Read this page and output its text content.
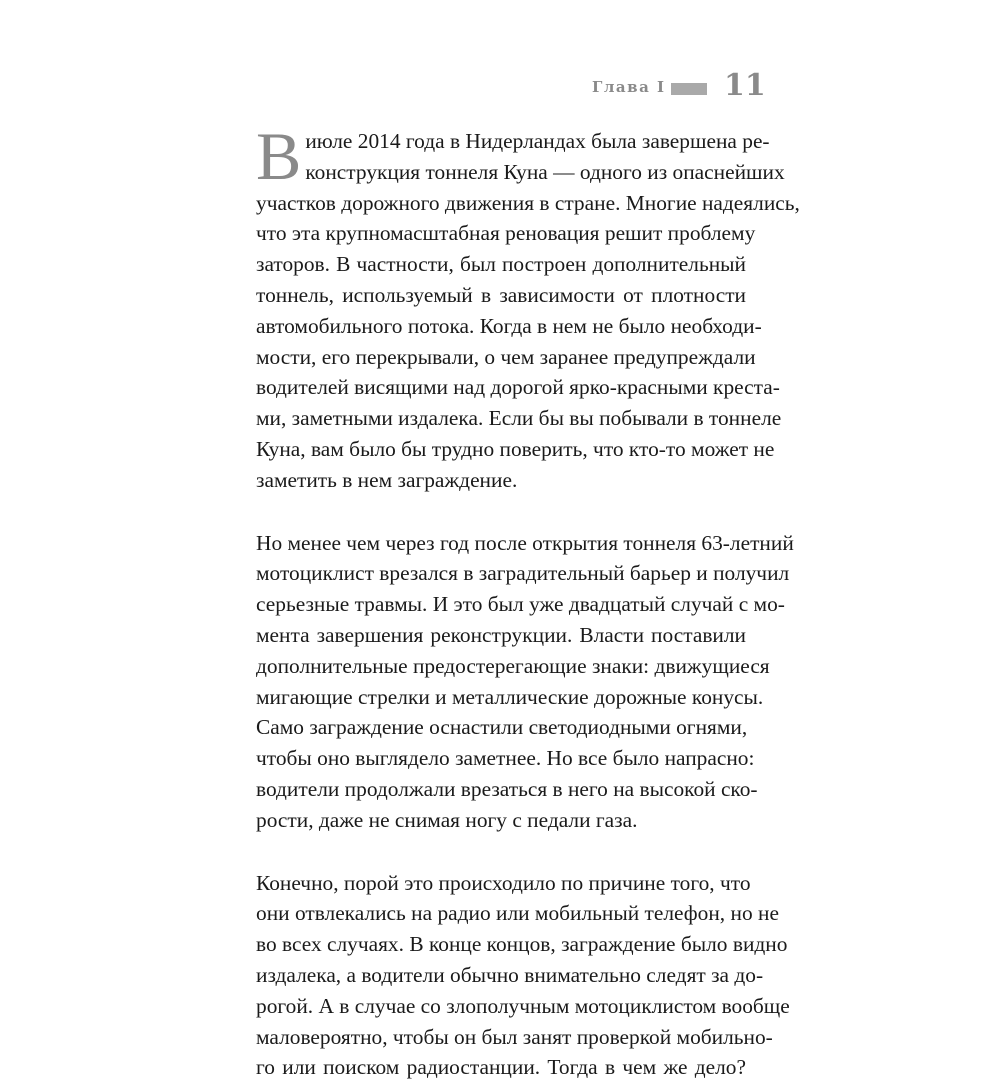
Глава I 11
В июле 2014 года в Нидерландах была завершена ре-
конструкция тоннеля Куна — одного из опаснейших
участков дорожного движения в стране. Многие надеялись,
что эта крупномасштабная реновация решит проблему
заторов. В частности, был построен дополнительный
тоннель, используемый в зависимости от плотности
автомобильного потока. Когда в нем не было необходи-
мости, его перекрывали, о чем заранее предупреждали
водителей висящими над дорогой ярко-красными креста-
ми, заметными издалека. Если бы вы побывали в тоннеле
Куна, вам было бы трудно поверить, что кто-то может не
заметить в нем заграждение.
Но менее чем через год после открытия тоннеля 63-летний
мотоциклист врезался в заградительный барьер и получил
серьезные травмы. И это был уже двадцатый случай с мо-
мента завершения реконструкции. Власти поставили
дополнительные предостерегающие знаки: движущиеся
мигающие стрелки и металлические дорожные конусы.
Само заграждение оснастили светодиодными огнями,
чтобы оно выглядело заметнее. Но все было напрасно:
водители продолжали врезаться в него на высокой ско-
рости, даже не снимая ногу с педали газа.
Конечно, порой это происходило по причине того, что
они отвлекались на радио или мобильный телефон, но не
во всех случаях. В конце концов, заграждение было видно
издалека, а водители обычно внимательно следят за до-
рогой. А в случае со злополучным мотоциклистом вообще
маловероятно, чтобы он был занят проверкой мобильно-
го или поиском радиостанции. Тогда в чем же дело?
